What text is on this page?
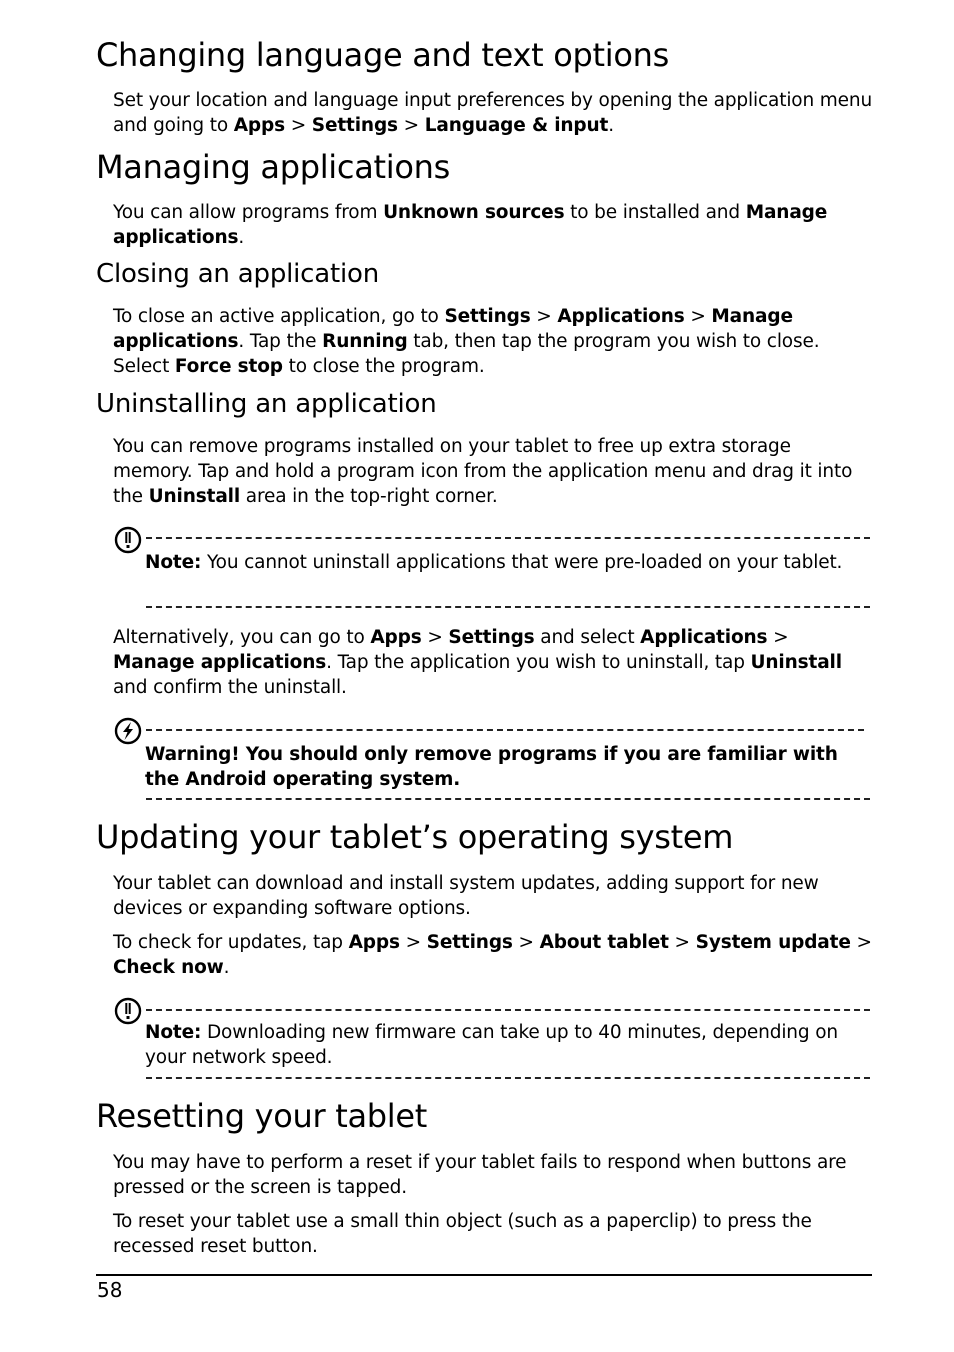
Changing language and text options

Set your location and language input preferences by opening the application menu and going to Apps > Settings > Language & input.

Managing applications

You can allow programs from Unknown sources to be installed and Manage applications.

Closing an application

To close an active application, go to Settings > Applications > Manage applications. Tap the Running tab, then tap the program you wish to close. Select Force stop to close the program.

Uninstalling an application

You can remove programs installed on your tablet to free up extra storage memory. Tap and hold a program icon from the application menu and drag it into the Uninstall area in the top-right corner.

Note: You cannot uninstall applications that were pre-loaded on your tablet.

Alternatively, you can go to Apps > Settings and select Applications > Manage applications. Tap the application you wish to uninstall, tap Uninstall and confirm the uninstall.

Warning! You should only remove programs if you are familiar with the Android operating system.

Updating your tablet’s operating system

Your tablet can download and install system updates, adding support for new devices or expanding software options.

To check for updates, tap Apps > Settings > About tablet > System update > Check now.

Note: Downloading new firmware can take up to 40 minutes, depending on your network speed.

Resetting your tablet

You may have to perform a reset if your tablet fails to respond when buttons are pressed or the screen is tapped.

To reset your tablet use a small thin object (such as a paperclip) to press the recessed reset button.

58
